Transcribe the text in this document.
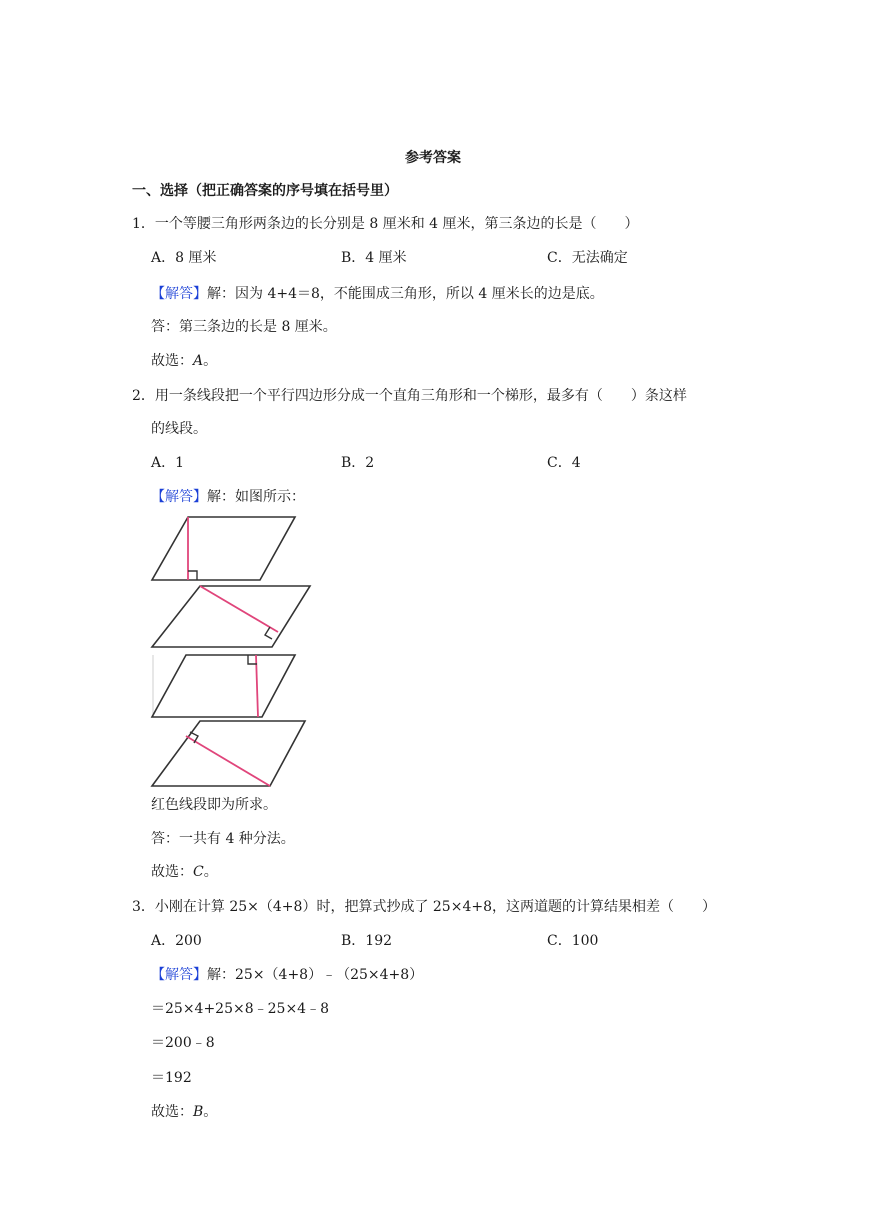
参考答案
一、选择（把正确答案的序号填在括号里）
1．一个等腰三角形两条边的长分别是 8 厘米和 4 厘米，第三条边的长是（　　）
A．8 厘米	B．4 厘米	C．无法确定
【解答】解：因为 4+4＝8，不能围成三角形，所以 4 厘米长的边是底。
答：第三条边的长是 8 厘米。
故选：A。
2．用一条线段把一个平行四边形分成一个直角三角形和一个梯形，最多有（　　）条这样
的线段。
A．1	B．2	C．4
【解答】解：如图所示：
红色线段即为所求。
答：一共有 4 种分法。
故选：C。
3．小刚在计算 25×（4+8）时，把算式抄成了 25×4+8，这两道题的计算结果相差（　　）
A．200	B．192	C．100
【解答】解：25×（4+8）﹣（25×4+8）
＝25×4+25×8﹣25×4﹣8
＝200﹣8
＝192
故选：B。
